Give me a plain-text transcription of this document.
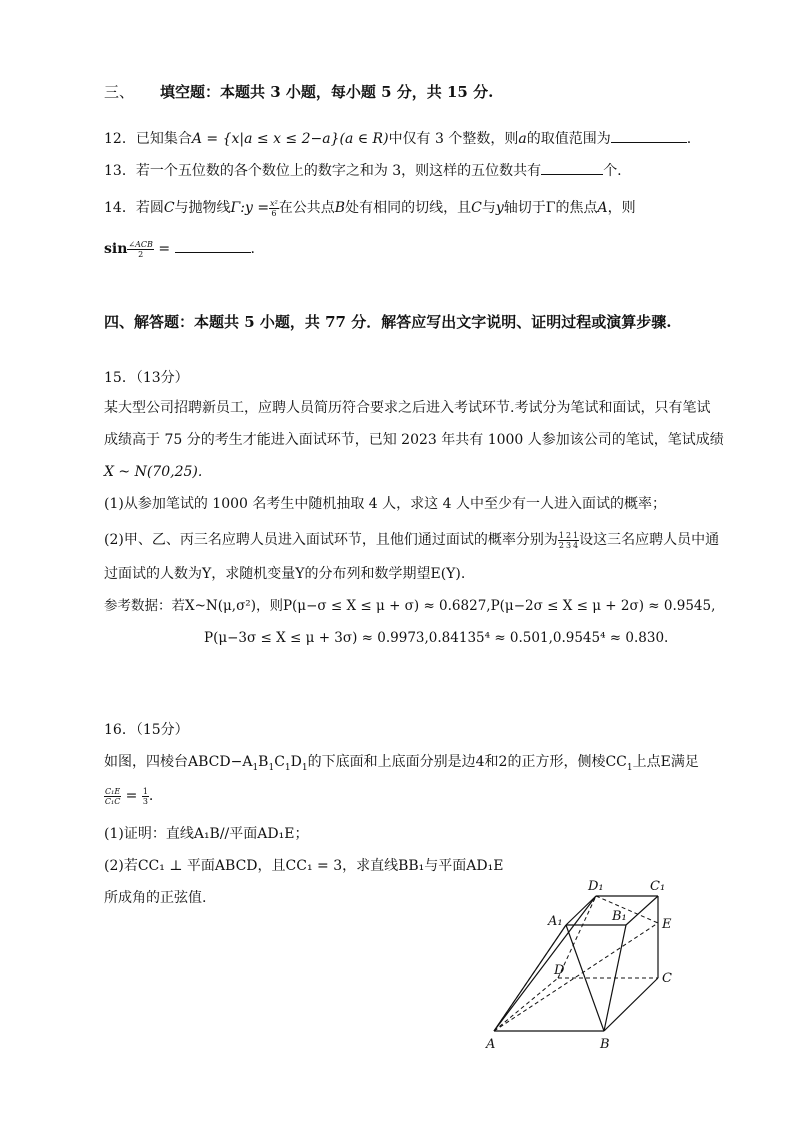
三、 填空题：本题共 3 小题，每小题 5 分，共 15 分.
12．已知集合A = {x|a ≤ x ≤ 2−a}(a ∈ R)中仅有 3 个整数，则a的取值范围为	.
13．若一个五位数的各个数位上的数字之和为 3，则这样的五位数共有	个.
14．若圆C与抛物线Γ:y = $\frac{\text{x²}}{6}$ 在公共点B处有相同的切线，且C与y轴切于Γ的焦点A，则
$\sin \frac{\text{∠ACB}}{2}$ =	.
四、解答题：本题共 5 小题，共 77 分．解答应写出文字说明、证明过程或演算步骤.
15．（13分）
某大型公司招聘新员工，应聘人员简历符合要求之后进入考试环节.考试分为笔试和面试，只有笔试
成绩高于 75 分的考生才能进入面试环节，已知 2023 年共有 1000 人参加该公司的笔试，笔试成绩
X ~ N(70,25).
(1)从参加笔试的 1000 名考生中随机抽取 4 人，求这 4 人中至少有一人进入面试的概率；
(2)甲、乙、丙三名应聘人员进入面试环节，且他们通过面试的概率分别为 $\frac{1}{2} \frac{2}{3} \frac{1}{4}$ 设这三名应聘人员中通
过面试的人数为Y，求随机变量Y的分布列和数学期望E(Y).
参考数据：若X~N(μ,σ²)，则P(μ−σ ≤ X ≤ μ + σ) ≈ 0.6827,P(μ−2σ ≤ X ≤ μ + 2σ) ≈ 0.9545,
P(μ−3σ ≤ X ≤ μ + 3σ) ≈ 0.9973,0.84135⁴ ≈ 0.501,0.9545⁴ ≈ 0.830.
16．（15分）
如图，四棱台$ABCD-A_1B_1C_1D_1$的下底面和上底面分别是边4和2的正方形，侧棱$CC_1$上点E满足
$\frac{\text{C₁E}}{\text{C₁C}} = \frac{1}{3}$ .
(1)证明：直线A₁B//平面AD₁E；
(2)若CC₁ ⊥ 平面ABCD，且CC₁ = 3，求直线BB₁与平面AD₁E
所成角的正弦值.
D₁	C₁
A₁	B₁
E
D
C
A	B
